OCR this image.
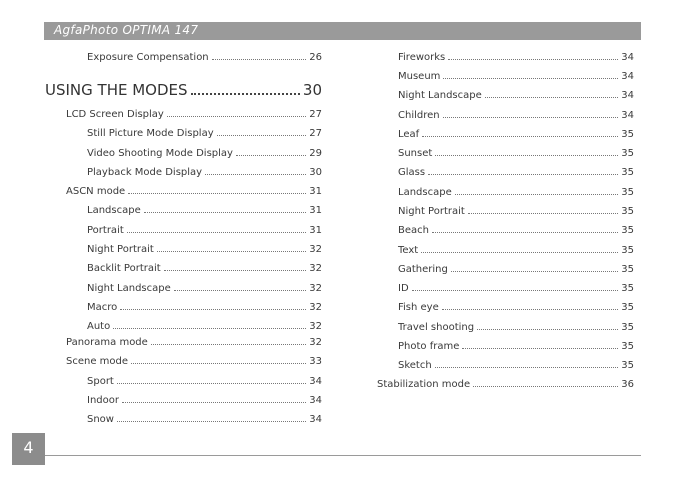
AgfaPhoto OPTIMA 147
Exposure Compensation	26
USING THE MODES	30
LCD Screen Display	27
Still Picture Mode Display	27
Video Shooting Mode Display	29
Playback Mode Display	30
ASCN mode	31
Landscape	31
Portrait	31
Night Portrait	32
Backlit Portrait	32
Night Landscape	32
Macro	32
Auto	32
Panorama mode	32
Scene mode	33
Sport	34
Indoor	34
Snow	34
Fireworks	34
Museum	34
Night Landscape	34
Children	34
Leaf	35
Sunset	35
Glass	35
Landscape	35
Night Portrait	35
Beach	35
Text	35
Gathering	35
ID	35
Fish eye	35
Travel shooting	35
Photo frame	35
Sketch	35
Stabilization mode	36
4
